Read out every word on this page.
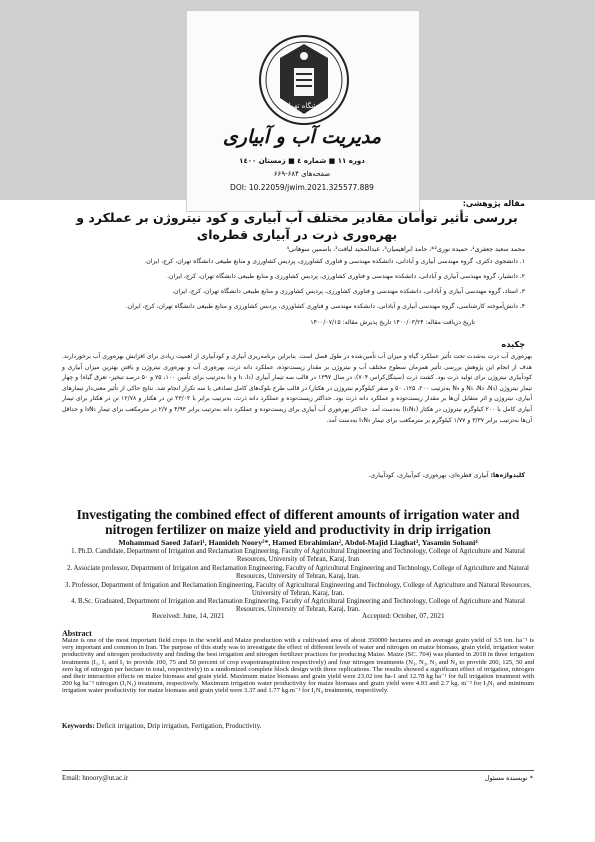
دانشگاه تهران
۱۳۱۳
مدیریت آب و آبیاری
دوره ۱۱ ■ شماره ٤ ■ زمستان ۱٤۰۰
صفحه‌های ۶۸۴-۶۶۹
DOI: 10.22059/jwim.2021.325577.889
مقاله پژوهشی:
بررسی تأثیر توأمان مقادیر مختلف آب آبیاری و کود نیتروژن بر عملکرد و بهره‌وری ذرت در آبیاری قطره‌ای
محمد سعید جعفری¹، حمیده نوری²*، حامد ابراهیمیان³، عبدالمجید لیاقت³، یاسمین سوهانی⁴
۱. دانشجوی دکتری، گروه مهندسی آبیاری و آبادانی، دانشکده مهندسی و فناوری کشاورزی، پردیس کشاورزی و منابع طبیعی دانشگاه تهران، کرج، ایران.
۲. دانشیار، گروه مهندسی آبیاری و آبادانی، دانشکده مهندسی و فناوری کشاورزی، پردیس کشاورزی و منابع طبیعی دانشگاه تهران، کرج، ایران.
۳. استاد، گروه مهندسی آبیاری و آبادانی، دانشکده مهندسی و فناوری کشاورزی، پردیس کشاورزی و منابع طبیعی دانشگاه تهران، کرج، ایران.
۴. دانش‌آموخته کارشناسی، گروه مهندسی آبیاری و آبادانی، دانشکده مهندسی و فناوری کشاورزی، پردیس کشاورزی و منابع طبیعی دانشگاه تهران، کرج، ایران.
تاریخ دریافت مقاله: ۱۴۰۰/۰۳/۲۴ تاریخ پذیرش مقاله: ۱۴۰۰/۰۷/۱۵
چکیده
بهره‌وری آب ذرت به‌شدت تحت تأثیر عملکرد گیاه و میزان آب تأمین‌شده در طول فصل است. بنابراین برنامه‌ریزی آبیاری و کودآبیاری از اهمیت زیادی برای افزایش بهره‌وری آب برخوردارند. هدف از انجام این پژوهش بررسی تأثیر همزمان سطوح مختلف آب و نیتروژن بر مقدار زیست‌توده، عملکرد دانه ذرت، بهره‌وری آب و بهره‌وری نیتروژن و یافتن بهترین میزان آبیاری و کودآبیاری نیتروژن برای تولید ذرت بود. کشت ذرت (سینگل‌کراس ۷۰۴)، در سال ۱۳۹۷ در قالب سه تیمار آبیاری (I₁ ،I₂ و I₃ به‌ترتیب برای تأمین ۱۰۰، ۷۵ و ۵۰ درصد تبخیر- تعرق گیاه) و چهار تیمار نیتروژن (N₁ ،N₂ ،N₃ و N₄ به‌ترتیب ۲۰۰، ۱۲۵، ۵۰ و صفر کیلوگرم نیتروژن در هکتار) در قالب طرح بلوک‌های کامل تصادفی با سه تکرار انجام شد. نتایج حاکی از تأثیر معنی‌دار تیمارهای آبیاری، نیتروژن و اثر متقابل آن‌ها بر مقدار زیست‌توده و عملکرد دانه ذرت بود. حداکثر زیست‌توده و عملکرد دانه ذرت، به‌ترتیب برابر با ۲۳/۰۲ تن در هکتار و ۱۲/۷۸ تن در هکتار برای تیمار آبیاری کامل با ۲۰۰ کیلوگرم نیتروژن در هکتار (I₁N₁) به‌دست آمد. حداکثر بهره‌وری آب آبیاری برای زیست‌توده و عملکرد دانه به‌ترتیب برابر ۴/۹۳ و ۲/۷ در مترمکعب برای تیمار I₃N₁ و حداقل آن‌ها به‌ترتیب برابر ۳/۳۷ و ۱/۷۷ کیلوگرم بر مترمکعب برای تیمار I₁N₄ به‌دست آمد.
کلیدواژه‌ها: آبیاری قطره‌ای، بهره‌وری، کم‌آبیاری، کودآبیاری.
Investigating the combined effect of different amounts of irrigation water and nitrogen fertilizer on maize yield and productivity in drip irrigation
Mohammad Saeed Jafari¹, Hamideh Noory²*, Hamed Ebrahimian², Abdol-Majid Liaghat³, Yasamin Sohani⁴
1. Ph.D. Candidate, Department of Irrigation and Reclamation Engineering, Faculty of Agricultural Engineering and Technology, College of Agriculture and Natural Resources, University of Tehran, Karaj, Iran
2. Associate professor, Department of Irrigation and Reclamation Engineering, Faculty of Agricultural Engineering and Technology, College of Agriculture and Natural Resources, University of Tehran, Karaj, Iran.
3. Professor, Department of Irrigation and Reclamation Engineering, Faculty of Agricultural Engineering and Technology, College of Agriculture and Natural Resources, University of Tehran, Karaj, Iran.
4. B.Sc. Graduated, Department of Irrigation and Reclamation Engineering, Faculty of Agricultural Engineering and Technology, College of Agriculture and Natural Resources, University of Tehran, Karaj, Iran.
Received: June, 14, 2021	Accepted: October, 07, 2021
Abstract
Maize is one of the most important field crops in the world and Maize production with a cultivated area of about 350000 hectares and an average grain yield of 3.5 ton. ha⁻¹ is very important and common in Iran. The purpose of this study was to investigate the effect of different levels of water and nitrogen on maize biomass, grain yield, irrigation water productivity and nitrogen productivity and finding the best irrigation and nitrogen fertilizer practices for producing Maize. Maize (SC. 704) was planted in 2018 in three irrigation treatments (I₁, I₂ and I₃ to provide 100, 75 and 50 percent of crop evapotranspiration respectively) and four nitrogen treatments (N₁, N₂, N₃ and N₄ to provide 200, 125, 50 and zero kg of nitrogen per hectare in total, respectively) in a randomized complete block design with three replications. The results showed a significant effect of irrigation, nitrogen and their interaction effects on maize biomass and grain yield. Maximum maize biomass and grain yield were 23.02 ton ha-1 and 12.78 kg ha⁻¹ for full irrigation treatment with 200 kg ha⁻¹ nitrogen (I₁N₁) treatment, respectively. Maximum irrigation water productivity for maize biomass and grain yield were 4.93 and 2.7 kg. m⁻³ for I₃N₁ and minimum irrigation water productivity for maize biomass and grain yield were 3.37 and 1.77 kg.m⁻³ for I₁N₄ treatments, respectively.
Keywords: Deficit irrigation, Drip irrigation, Fertigation, Productivity.
Email: hnoory@ut.ac.ir	* نویسنده مسئول
